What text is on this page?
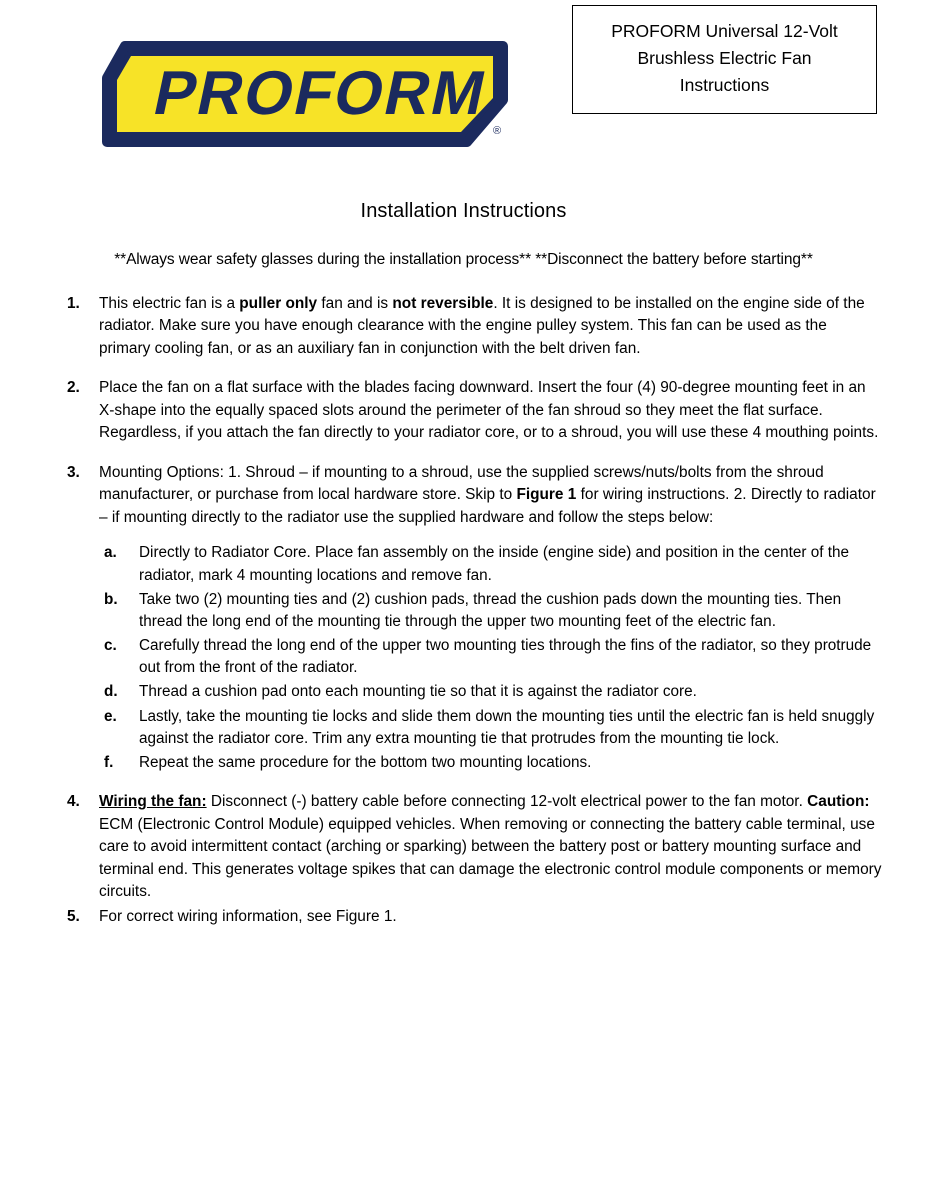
PROFORM
®
PROFORM Universal 12-Volt
Brushless Electric Fan
Instructions
Installation Instructions
**Always wear safety glasses during the installation process** **Disconnect the battery before starting**
1. This electric fan is a puller only fan and is not reversible. It is designed to be installed on the engine side of the radiator. Make sure you have enough clearance with the engine pulley system. This fan can be used as the primary cooling fan, or as an auxiliary fan in conjunction with the belt driven fan.
2. Place the fan on a flat surface with the blades facing downward. Insert the four (4) 90-degree mounting feet in an X-shape into the equally spaced slots around the perimeter of the fan shroud so they meet the flat surface. Regardless, if you attach the fan directly to your radiator core, or to a shroud, you will use these 4 mouthing points.
3. Mounting Options: 1. Shroud – if mounting to a shroud, use the supplied screws/nuts/bolts from the shroud manufacturer, or purchase from local hardware store. Skip to Figure 1 for wiring instructions. 2. Directly to radiator – if mounting directly to the radiator use the supplied hardware and follow the steps below:
a. Directly to Radiator Core. Place fan assembly on the inside (engine side) and position in the center of the radiator, mark 4 mounting locations and remove fan.
b. Take two (2) mounting ties and (2) cushion pads, thread the cushion pads down the mounting ties. Then thread the long end of the mounting tie through the upper two mounting feet of the electric fan.
c. Carefully thread the long end of the upper two mounting ties through the fins of the radiator, so they protrude out from the front of the radiator.
d. Thread a cushion pad onto each mounting tie so that it is against the radiator core.
e. Lastly, take the mounting tie locks and slide them down the mounting ties until the electric fan is held snuggly against the radiator core. Trim any extra mounting tie that protrudes from the mounting tie lock.
f. Repeat the same procedure for the bottom two mounting locations.
4. Wiring the fan: Disconnect (-) battery cable before connecting 12-volt electrical power to the fan motor. Caution: ECM (Electronic Control Module) equipped vehicles. When removing or connecting the battery cable terminal, use care to avoid intermittent contact (arching or sparking) between the battery post or battery mounting surface and terminal end. This generates voltage spikes that can damage the electronic control module components or memory circuits.
5. For correct wiring information, see Figure 1.
